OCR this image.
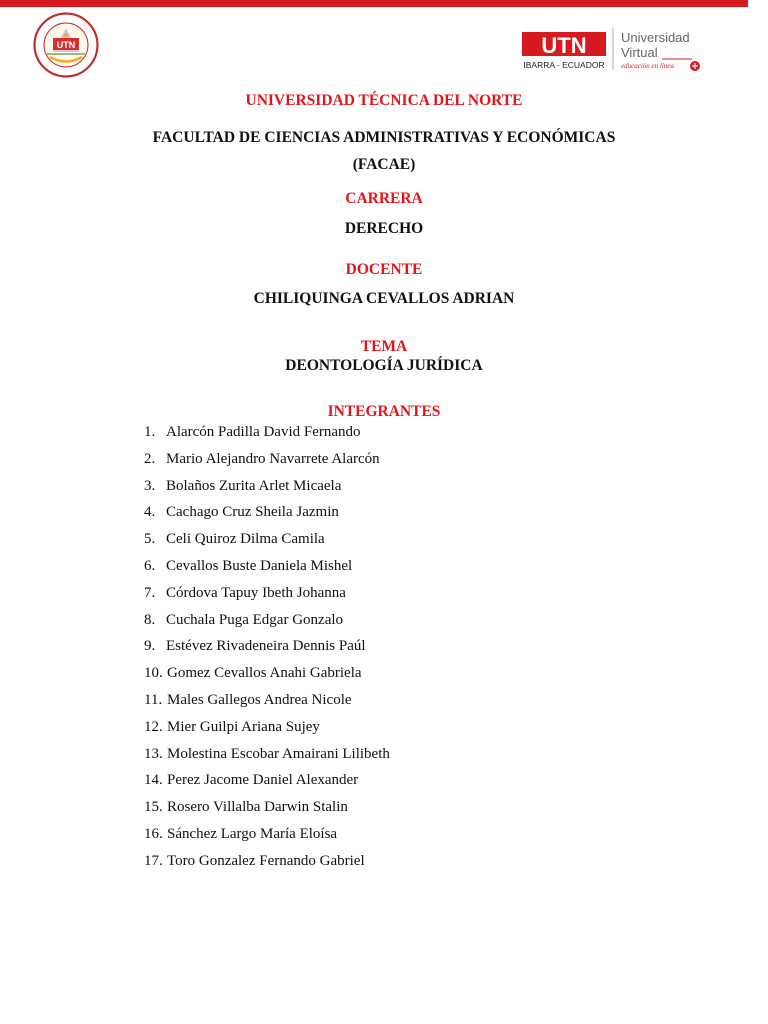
UTN	UTN
IBARRA - ECUADOR
Universidad
Virtual
educación en línea
UNIVERSIDAD TÉCNICA DEL NORTE
FACULTAD DE CIENCIAS ADMINISTRATIVAS Y ECONÓMICAS
(FACAE)
CARRERA
DERECHO
DOCENTE
CHILIQUINGA CEVALLOS ADRIAN
TEMA
DEONTOLOGÍA JURÍDICA
INTEGRANTES
1. Alarcón Padilla David Fernando
2. Mario Alejandro Navarrete Alarcón
3. Bolaños Zurita Arlet Micaela
4. Cachago Cruz Sheila Jazmin
5. Celi Quiroz Dilma Camila
6. Cevallos Buste Daniela Mishel
7. Córdova Tapuy Ibeth Johanna
8. Cuchala Puga Edgar Gonzalo
9. Estévez Rivadeneira Dennis Paúl
10. Gomez Cevallos Anahi Gabriela
11. Males Gallegos Andrea Nicole
12. Mier Guilpi Ariana Sujey
13. Molestina Escobar Amairani Lilibeth
14. Perez Jacome Daniel Alexander
15. Rosero Villalba Darwin Stalin
16. Sánchez Largo María Eloísa
17. Toro Gonzalez Fernando Gabriel
